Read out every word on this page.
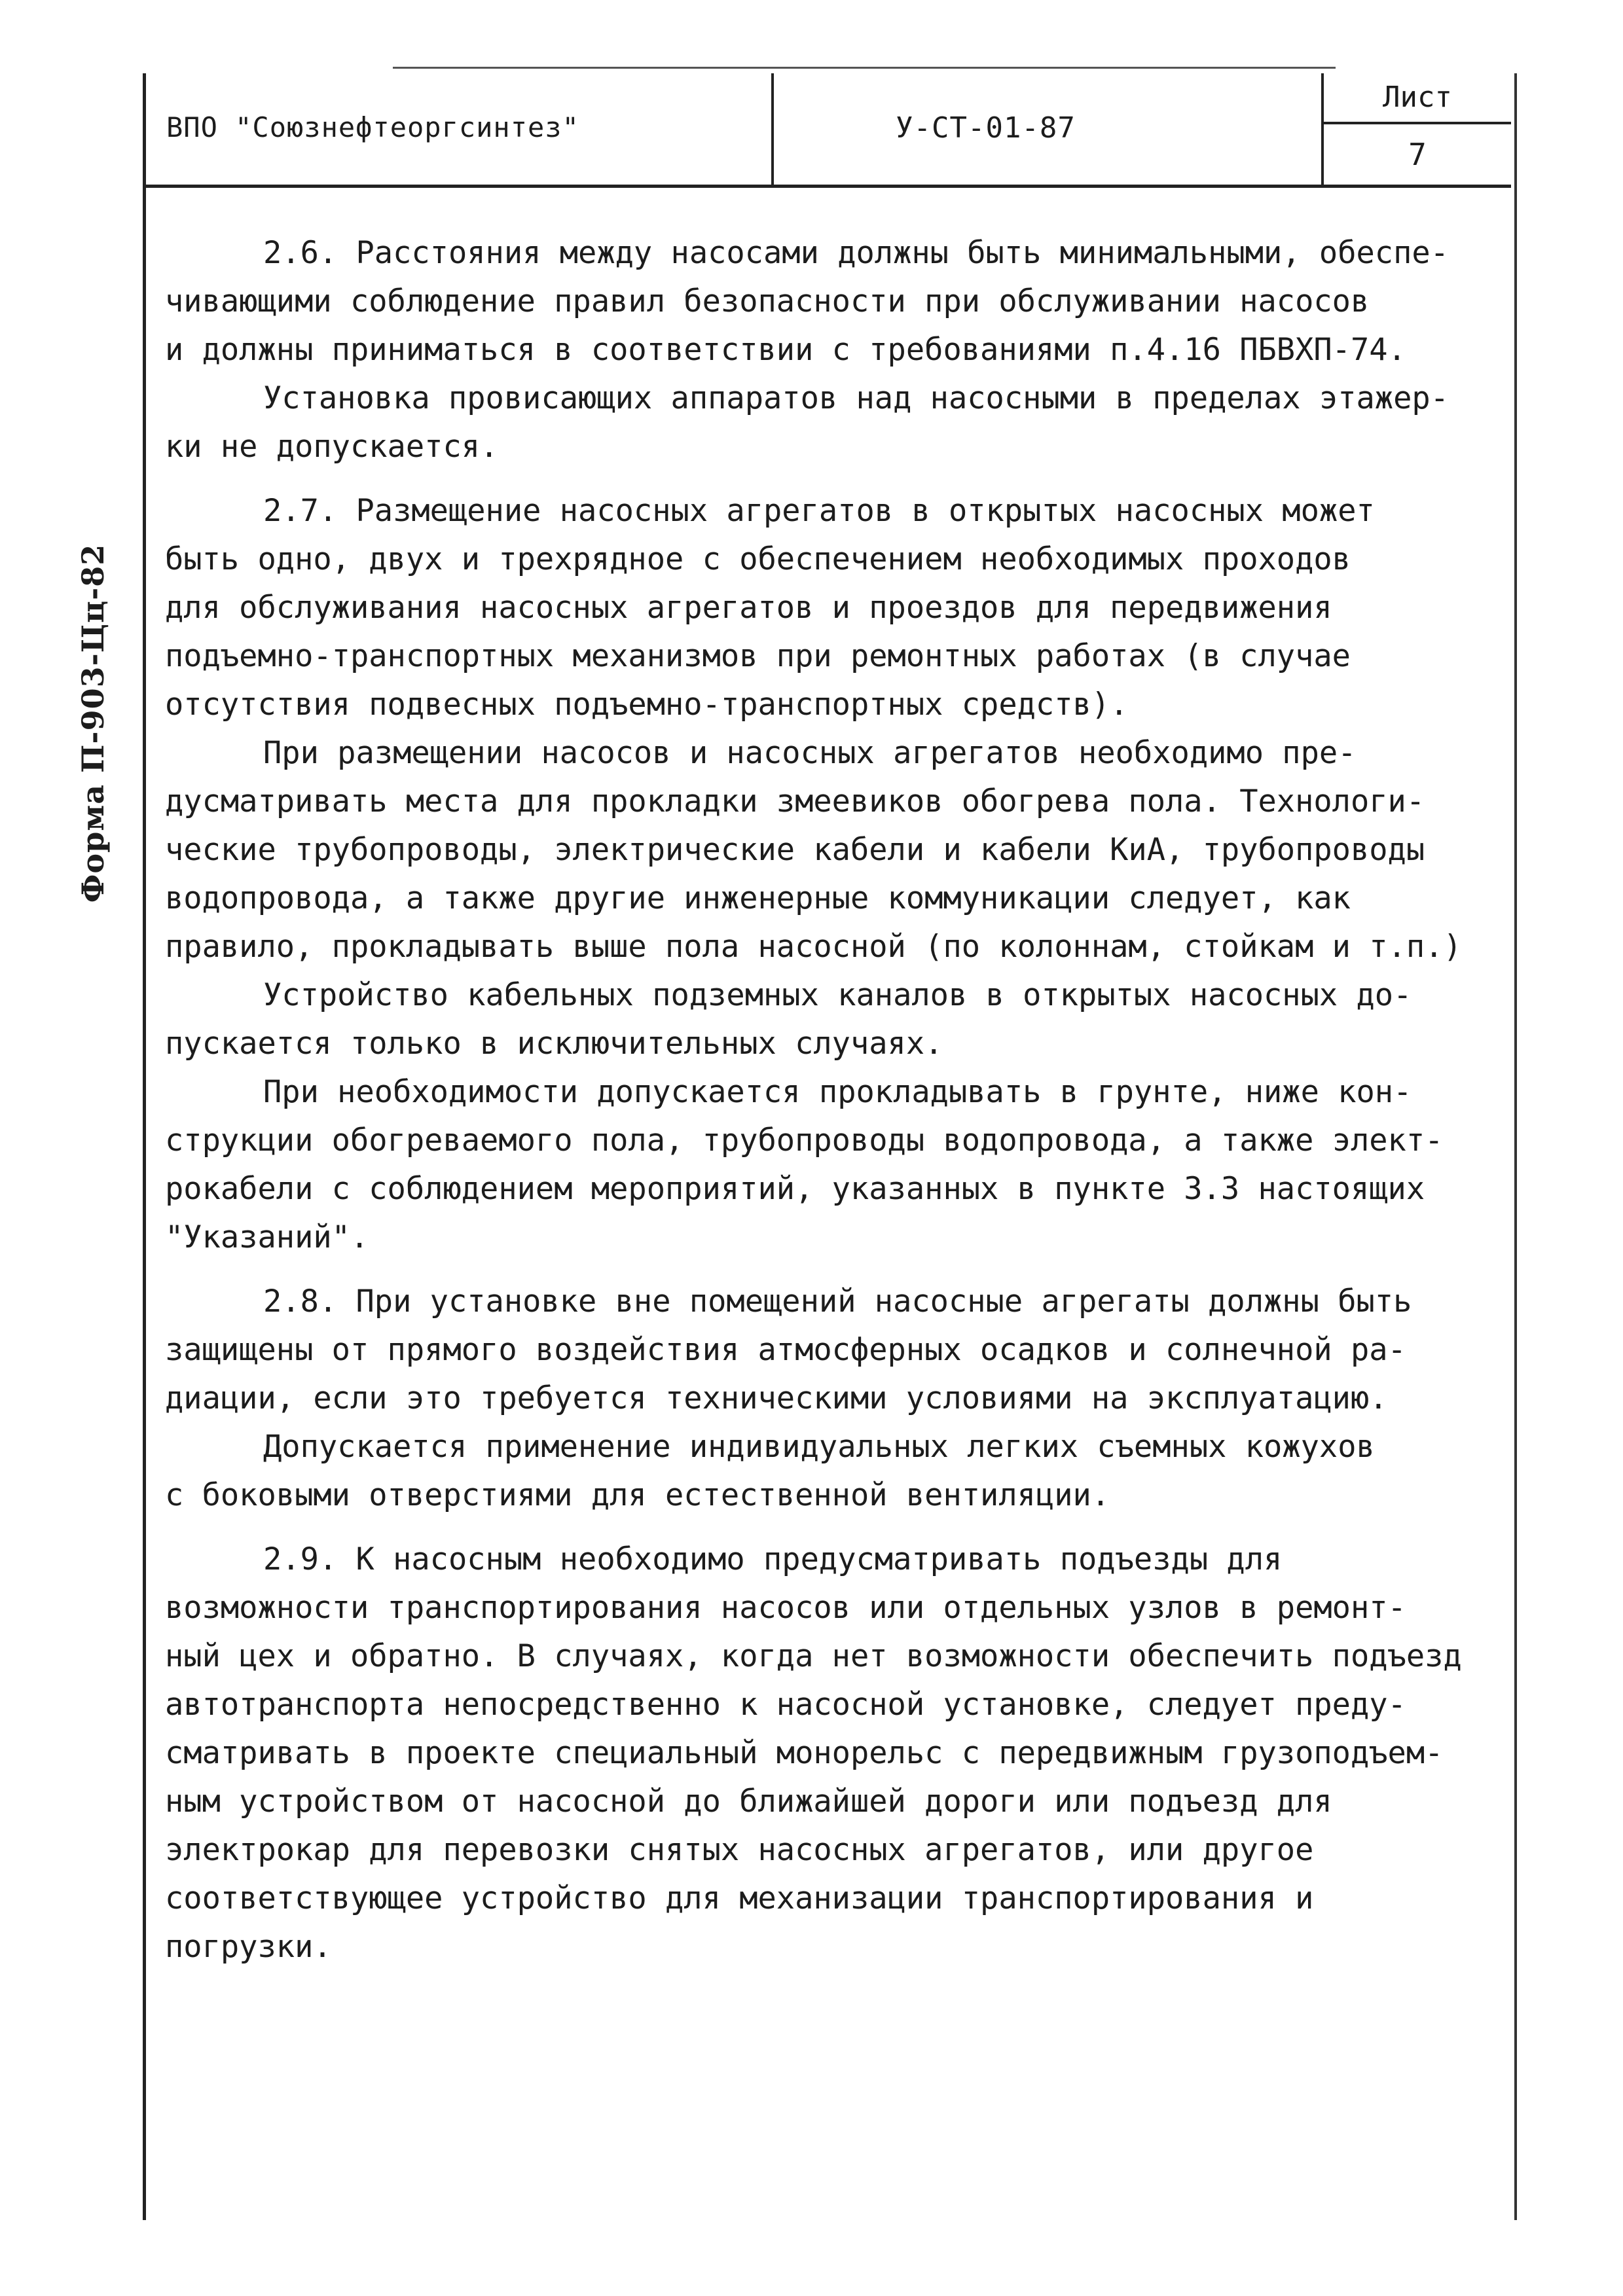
ВПО "Союзнефтеоргсинтез"	У-СТ-01-87
Лист
7
Форма П-903-Цц-82
2.6. Расстояния между насосами должны быть минимальными, обеспе-
чивающими соблюдение правил безопасности при обслуживании насосов
и должны приниматься в соответствии с требованиями п.4.16 ПБВХП-74.
Установка провисающих аппаратов над насосными в пределах этажер-
ки не допускается.
2.7. Размещение насосных агрегатов в открытых насосных может
быть одно, двух и трехрядное с обеспечением необходимых проходов
для обслуживания насосных агрегатов и проездов для передвижения
подъемно-транспортных механизмов при ремонтных работах (в случае
отсутствия подвесных подъемно-транспортных средств).
При размещении насосов и насосных агрегатов необходимо пре-
дусматривать места для прокладки змеевиков обогрева пола. Технологи-
ческие трубопроводы, электрические кабели и кабели КиА, трубопроводы
водопровода, а также другие инженерные коммуникации следует, как
правило, прокладывать выше пола насосной (по колоннам, стойкам и т.п.)
Устройство кабельных подземных каналов в открытых насосных до-
пускается только в исключительных случаях.
При необходимости допускается прокладывать в грунте, ниже кон-
струкции обогреваемого пола, трубопроводы водопровода, а также элект-
рокабели с соблюдением мероприятий, указанных в пункте 3.3 настоящих
"Указаний".
2.8. При установке вне помещений насосные агрегаты должны быть
защищены от прямого воздействия атмосферных осадков и солнечной ра-
диации, если это требуется техническими условиями на эксплуатацию.
Допускается применение индивидуальных легких съемных кожухов
с боковыми отверстиями для естественной вентиляции.
2.9. К насосным необходимо предусматривать подъезды для
возможности транспортирования насосов или отдельных узлов в ремонт-
ный цех и обратно. В случаях, когда нет возможности обеспечить подъезд
автотранспорта непосредственно к насосной установке, следует преду-
сматривать в проекте специальный монорельс с передвижным грузоподъем-
ным устройством от насосной до ближайшей дороги или подъезд для
электрокар для перевозки снятых насосных агрегатов, или другое
соответствующее устройство для механизации транспортирования и
погрузки.
